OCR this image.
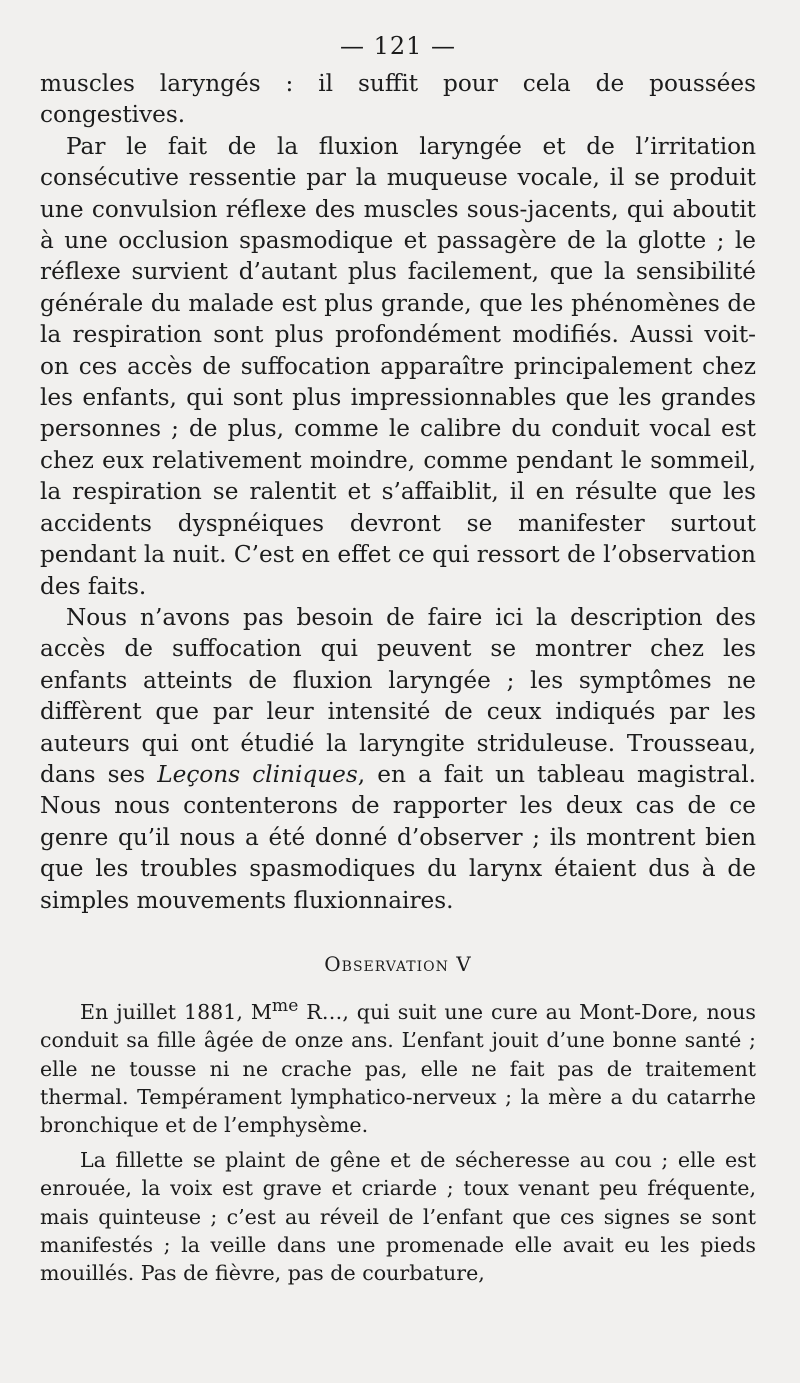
— 121 —

muscles laryngés : il suffit pour cela de poussées congestives.

Par le fait de la fluxion laryngée et de l’irritation consécutive ressentie par la muqueuse vocale, il se produit une convulsion réflexe des muscles sous-jacents, qui aboutit à une occlusion spasmodique et passagère de la glotte ; le réflexe survient d’autant plus facilement, que la sensibilité générale du malade est plus grande, que les phénomènes de la respiration sont plus profondément modifiés. Aussi voit-on ces accès de suffocation apparaître principalement chez les enfants, qui sont plus impressionnables que les grandes personnes ; de plus, comme le calibre du conduit vocal est chez eux relativement moindre, comme pendant le sommeil, la respiration se ralentit et s’affaiblit, il en résulte que les accidents dyspnéiques devront se manifester surtout pendant la nuit. C’est en effet ce qui ressort de l’observation des faits.

Nous n’avons pas besoin de faire ici la description des accès de suffocation qui peuvent se montrer chez les enfants atteints de fluxion laryngée ; les symptômes ne diffèrent que par leur intensité de ceux indiqués par les auteurs qui ont étudié la laryngite striduleuse. Trousseau, dans ses Leçons cliniques, en a fait un tableau magistral. Nous nous contenterons de rapporter les deux cas de ce genre qu’il nous a été donné d’observer ; ils montrent bien que les troubles spasmodiques du larynx étaient dus à de simples mouvements fluxionnaires.

Observation V

En juillet 1881, $M^{me}$ R…, qui suit une cure au Mont-Dore, nous conduit sa fille âgée de onze ans. L’enfant jouit d’une bonne santé ; elle ne tousse ni ne crache pas, elle ne fait pas de traitement thermal. Tempérament lymphatico-nerveux ; la mère a du catarrhe bronchique et de l’emphysème.

La fillette se plaint de gêne et de sécheresse au cou ; elle est enrouée, la voix est grave et criarde ; toux venant peu fréquente, mais quinteuse ; c’est au réveil de l’enfant que ces signes se sont manifestés ; la veille dans une promenade elle avait eu les pieds mouillés. Pas de fièvre, pas de courbature,
